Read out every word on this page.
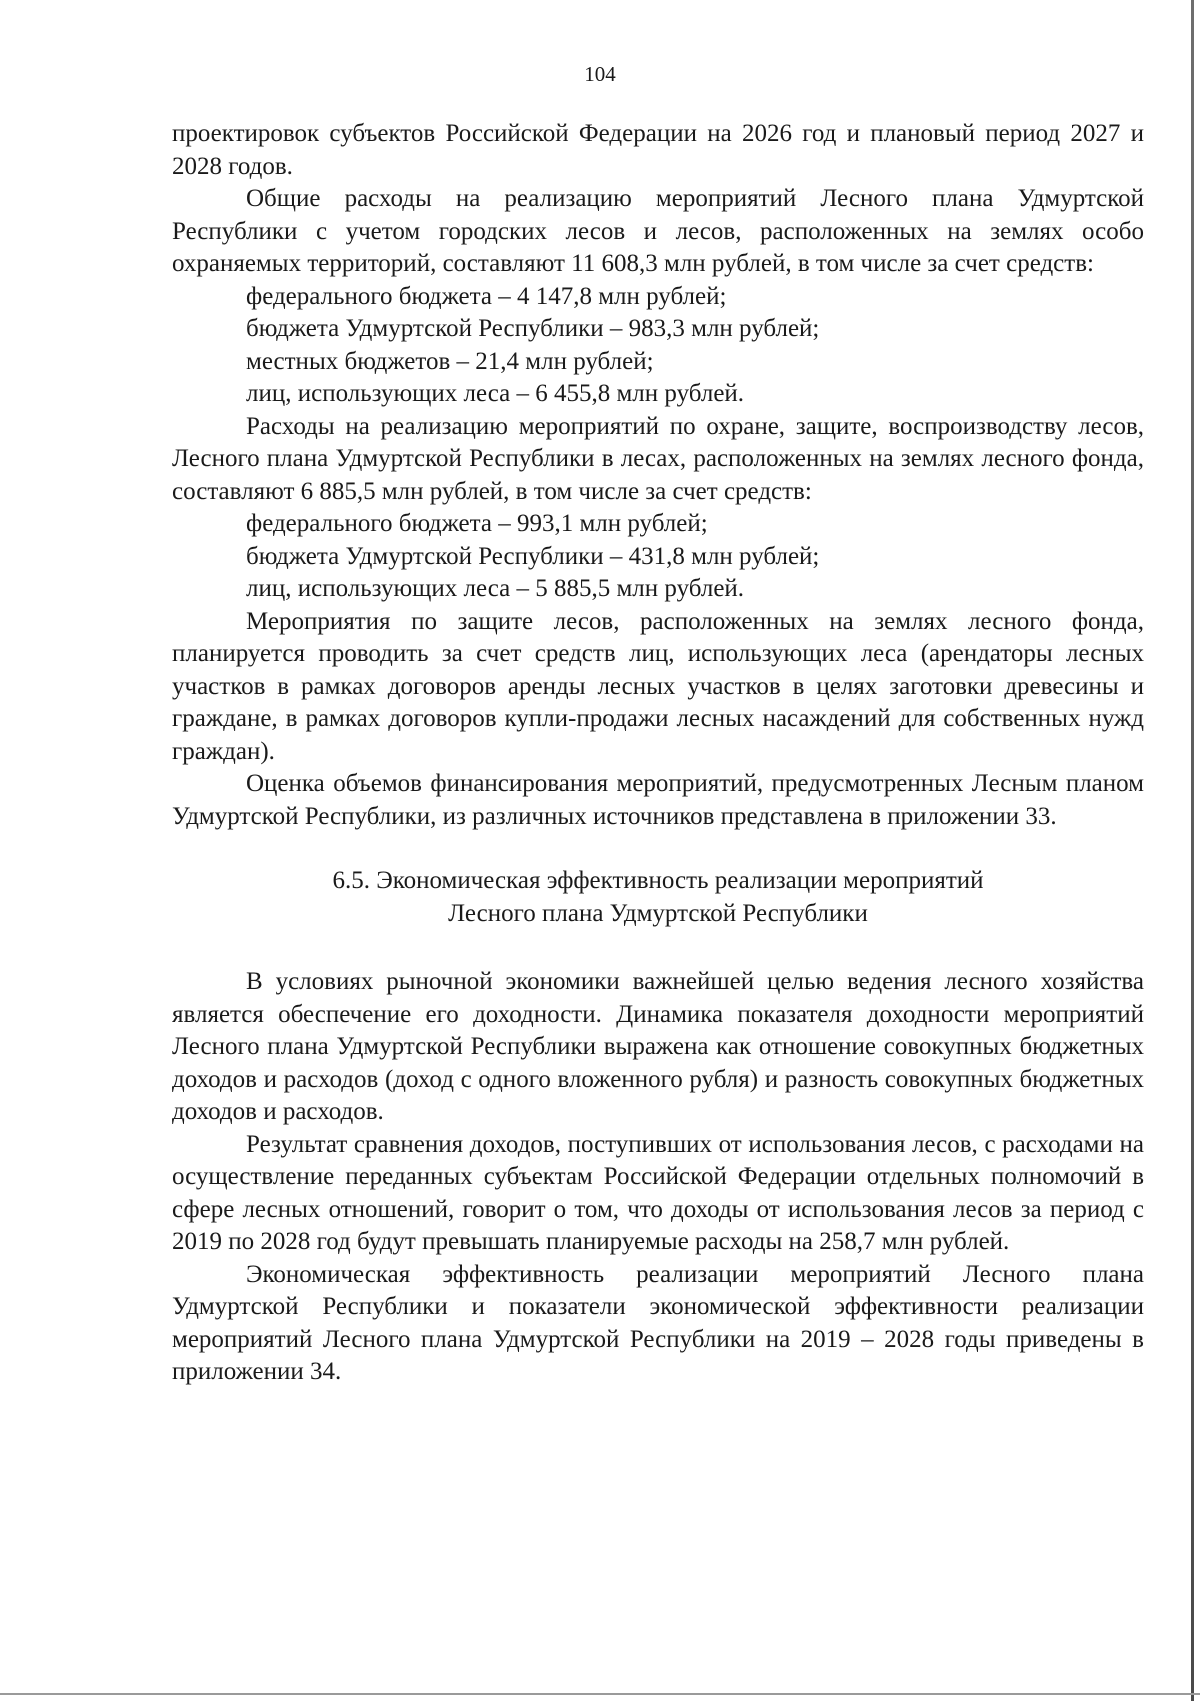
104

проектировок субъектов Российской Федерации на 2026 год и плановый период 2027 и 2028 годов.

Общие расходы на реализацию мероприятий Лесного плана Удмуртской Республики с учетом городских лесов и лесов, расположенных на землях особо охраняемых территорий, составляют 11 608,3 млн рублей, в том числе за счет средств:

федерального бюджета – 4 147,8 млн рублей;

бюджета Удмуртской Республики – 983,3 млн рублей;

местных бюджетов – 21,4 млн рублей;

лиц, использующих леса – 6 455,8 млн рублей.

Расходы на реализацию мероприятий по охране, защите, воспроизводству лесов, Лесного плана Удмуртской Республики в лесах, расположенных на землях лесного фонда, составляют 6 885,5 млн рублей, в том числе за счет средств:

федерального бюджета – 993,1 млн рублей;

бюджета Удмуртской Республики – 431,8 млн рублей;

лиц, использующих леса – 5 885,5 млн рублей.

Мероприятия по защите лесов, расположенных на землях лесного фонда, планируется проводить за счет средств лиц, использующих леса (арендаторы лесных участков в рамках договоров аренды лесных участков в целях заготовки древесины и граждане, в рамках договоров купли-продажи лесных насаждений для собственных нужд граждан).

Оценка объемов финансирования мероприятий, предусмотренных Лесным планом Удмуртской Республики, из различных источников представлена в приложении 33.

6.5. Экономическая эффективность реализации мероприятий
Лесного плана Удмуртской Республики

В условиях рыночной экономики важнейшей целью ведения лесного хозяйства является обеспечение его доходности. Динамика показателя доходности мероприятий Лесного плана Удмуртской Республики выражена как отношение совокупных бюджетных доходов и расходов (доход с одного вложенного рубля) и разность совокупных бюджетных доходов и расходов.

Результат сравнения доходов, поступивших от использования лесов, с расходами на осуществление переданных субъектам Российской Федерации отдельных полномочий в сфере лесных отношений, говорит о том, что доходы от использования лесов за период с 2019 по 2028 год будут превышать планируемые расходы на 258,7 млн рублей.

Экономическая эффективность реализации мероприятий Лесного плана Удмуртской Республики и показатели экономической эффективности реализации мероприятий Лесного плана Удмуртской Республики на 2019 – 2028 годы приведены в приложении 34.
